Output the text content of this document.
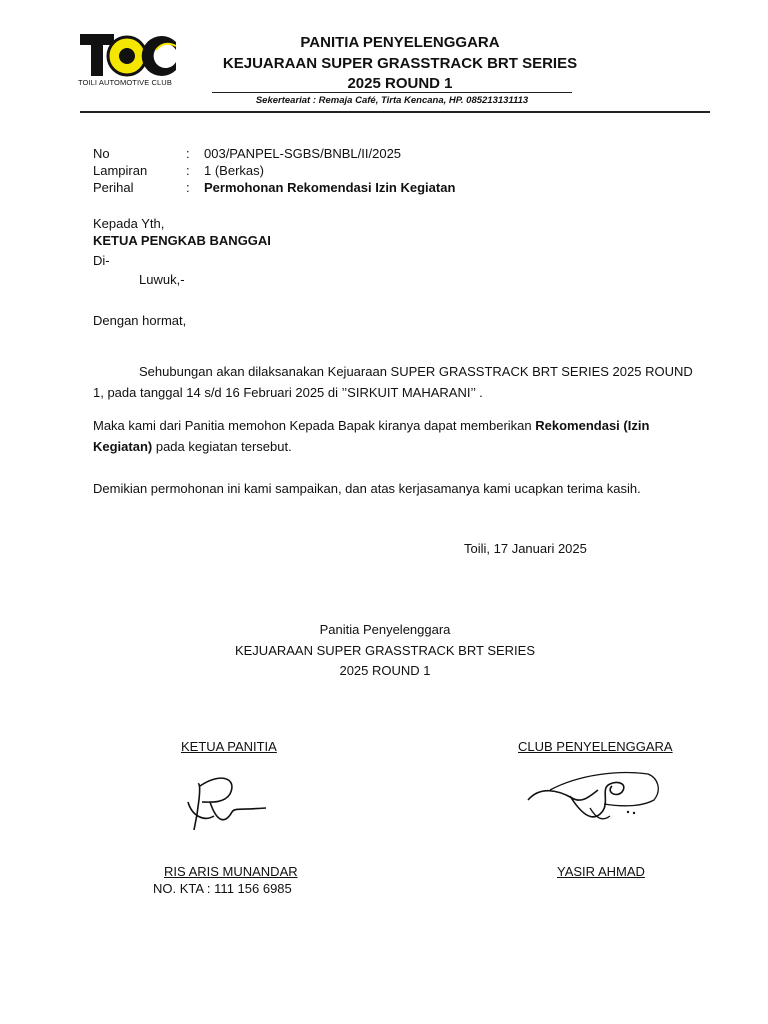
TOILI AUTOMOTIVE CLUB
PANITIA PENYELENGGARA
KEJUARAAN SUPER GRASSTRACK BRT SERIES
2025 ROUND 1
Sekerteariat : Remaja Café, Tirta Kencana, HP. 085213131113
No	: 003/PANPEL-SGBS/BNBL/II/2025
Lampiran	: 1 (Berkas)
Perihal	: Permohonan Rekomendasi Izin Kegiatan
Kepada Yth,
KETUA PENGKAB BANGGAI
Di-
Luwuk,-
Dengan hormat,
Sehubungan akan dilaksanakan Kejuaraan SUPER GRASSTRACK BRT SERIES 2025 ROUND 1, pada tanggal 14 s/d 16 Februari 2025 di ’’SIRKUIT MAHARANI’’ .
Maka kami dari Panitia memohon Kepada Bapak kiranya dapat memberikan Rekomendasi (Izin Kegiatan) pada kegiatan tersebut.
Demikian permohonan ini kami sampaikan, dan atas kerjasamanya kami ucapkan terima kasih.
Toili, 17 Januari 2025
Panitia Penyelenggara
KEJUARAAN SUPER GRASSTRACK BRT SERIES
2025 ROUND 1
KETUA PANITIA	CLUB PENYELENGGARA
RIS ARIS MUNANDAR
NO. KTA : 111 156 6985
YASIR AHMAD
